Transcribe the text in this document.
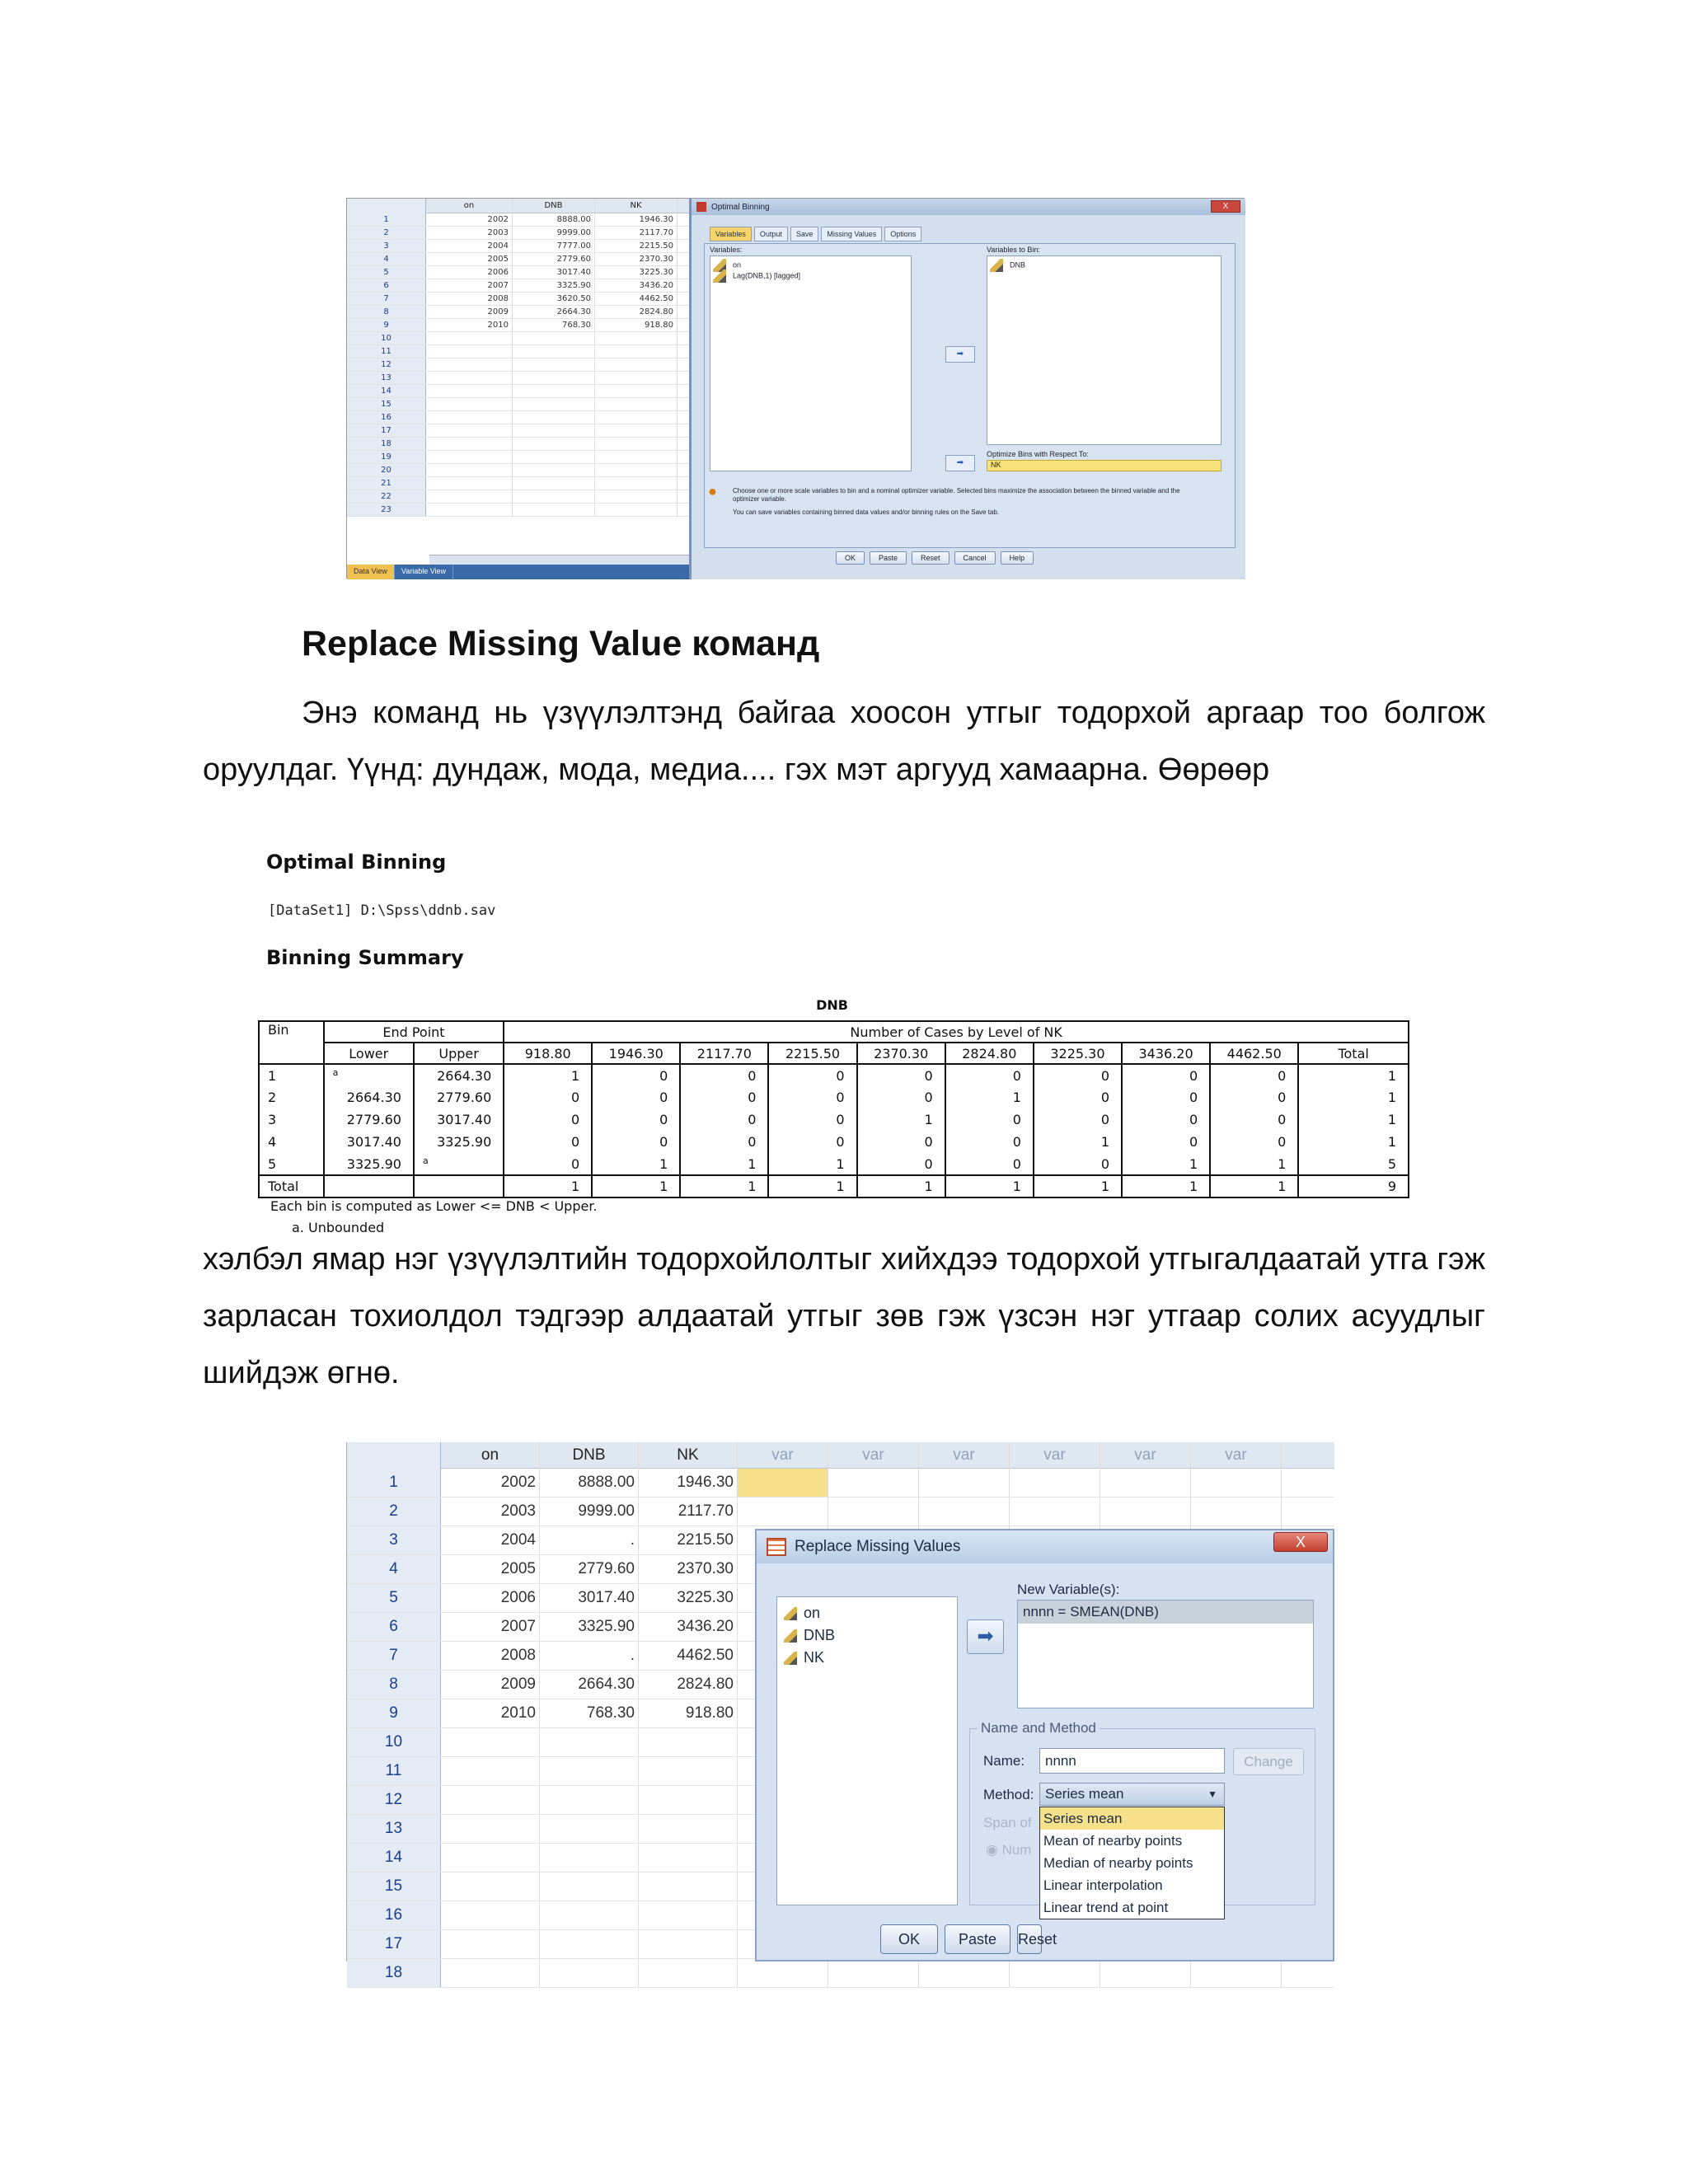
on	DNB	NK
1	2002	8888.00	1946.30
2	2003	9999.00	2117.70
3	2004	7777.00	2215.50
4	2005	2779.60	2370.30
5	2006	3017.40	3225.30
6	2007	3325.90	3436.20
7	2008	3620.50	4462.50
8	2009	2664.30	2824.80
9	2010	768.30	918.80
10
11
12
13
14
15
16
17
18
19
20
21
22
23
Data View	Variable View
Optimal Binning	X
Variables	Output	Save	Missing Values	Options
Variables:
on
Lag(DNB,1) [lagged]
Variables to Bin:
DNB
➡
➡
Optimize Bins with Respect To:
NK
●	Choose one or more scale variables to bin and a nominal optimizer variable. Selected bins maximize the association between the binned variable and the optimizer variable.

You can save variables containing binned data values and/or binning rules on the Save tab.

OK	Paste	Reset	Cancel	Help
Replace Missing Value команд
Энэ команд нь үзүүлэлтэнд байгаа хоосон утгыг тодорхой аргаар тоо болгож оруулдаг. Үүнд: дундаж, мода, медиа.... гэх мэт аргууд хамаарна. Өөрөөр
Optimal Binning
[DataSet1] D:\Spss\ddnb.sav
Binning Summary
DNB
Bin	End Point		Number of Cases by Level of NK									
	Lower	Upper	918.80	1946.30	2117.70	2215.50	2370.30	2824.80	3225.30	3436.20	4462.50	Total
1	$^a$	2664.30	1	0	0	0	0	0	0	0	0	1
2	2664.30	2779.60	0	0	0	0	0	1	0	0	0	1
3	2779.60	3017.40	0	0	0	0	1	0	0	0	0	1
4	3017.40	3325.90	0	0	0	0	0	0	1	0	0	1
5	3325.90	$^a$	0	1	1	1	0	0	0	1	1	5
Total			1	1	1	1	1	1	1	1	1	9
Each bin is computed as Lower <= DNB < Upper.
a. Unbounded
хэлбэл ямар нэг үзүүлэлтийн тодорхойлолтыг хийхдээ тодорхой утгыгалдаатай утга гэж зарласан тохиолдол тэдгээр алдаатай утгыг зөв гэж үзсэн нэг утгаар солих асуудлыг шийдэж өгнө.
on	DNB	NK	var	var	var	var	var	var
1	2002	8888.00	1946.30
2	2003	9999.00	2117.70
3	2004	.	2215.50
4	2005	2779.60	2370.30
5	2006	3017.40	3225.30
6	2007	3325.90	3436.20
7	2008	.	4462.50
8	2009	2664.30	2824.80
9	2010	768.30	918.80
10
11
12
13
14
15
16
17
18
Replace Missing Values	X
on
DNB
NK
➡
New Variable(s):
nnnn = SMEAN(DNB)
Name and Method
Name:	nnnn	Change
Method: Series mean	▼
Span of
◉ Num
Series mean
Mean of nearby points
Median of nearby points
Linear interpolation
Linear trend at point
OK	Paste	Reset
